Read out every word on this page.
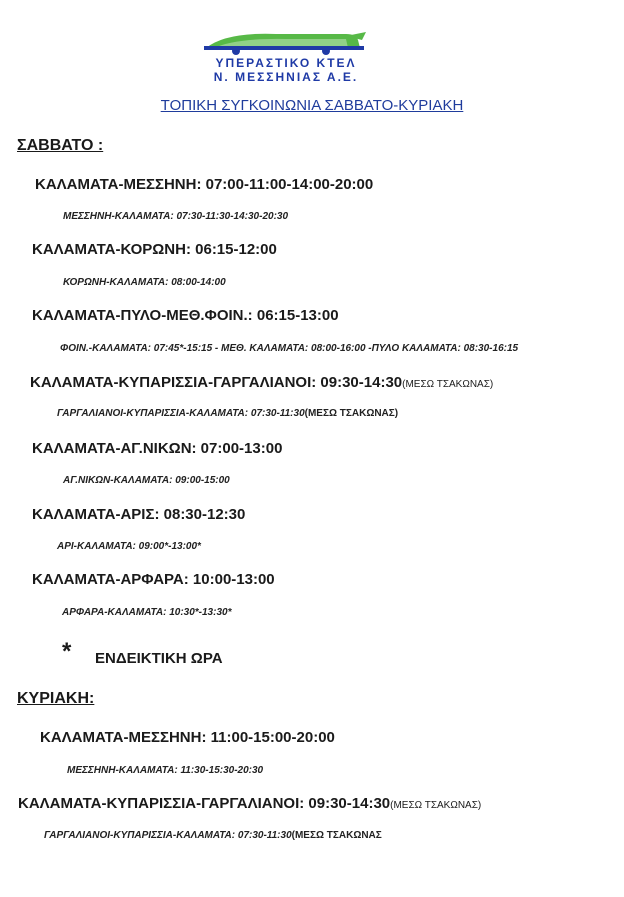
ΥΠΕΡΑΣΤΙΚΟ ΚΤΕΛ
Ν. ΜΕΣΣΗΝΙΑΣ Α.Ε.
ΤΟΠΙΚΗ ΣΥΓΚΟΙΝΩΝΙΑ ΣΑΒΒΑΤΟ-ΚΥΡΙΑΚΗ
ΣΑΒΒΑΤΟ :
ΚΑΛΑΜΑΤΑ-ΜΕΣΣΗΝΗ: 07:00-11:00-14:00-20:00
ΜΕΣΣΗΝΗ-ΚΑΛΑΜΑΤΑ: 07:30-11:30-14:30-20:30
ΚΑΛΑΜΑΤΑ-ΚΟΡΩΝΗ: 06:15-12:00
ΚΟΡΩΝΗ-ΚΑΛΑΜΑΤΑ: 08:00-14:00
ΚΑΛΑΜΑΤΑ-ΠΥΛΟ-ΜΕΘ.ΦΟΙΝ.: 06:15-13:00
ΦΟΙΝ.-ΚΑΛΑΜΑΤΑ: 07:45*-15:15 - ΜΕΘ. ΚΑΛΑΜΑΤΑ: 08:00-16:00 -ΠΥΛΟ ΚΑΛΑΜΑΤΑ: 08:30-16:15
ΚΑΛΑΜΑΤΑ-ΚΥΠΑΡΙΣΣΙΑ-ΓΑΡΓΑΛΙΑΝΟΙ: 09:30-14:30(ΜΕΣΩ ΤΣΑΚΩΝΑΣ)
ΓΑΡΓΑΛΙΑΝΟΙ-ΚΥΠΑΡΙΣΣΙΑ-ΚΑΛΑΜΑΤΑ: 07:30-11:30(ΜΕΣΩ ΤΣΑΚΩΝΑΣ)
ΚΑΛΑΜΑΤΑ-ΑΓ.ΝΙΚΩΝ: 07:00-13:00
ΑΓ.ΝΙΚΩΝ-ΚΑΛΑΜΑΤΑ: 09:00-15:00
ΚΑΛΑΜΑΤΑ-ΑΡΙΣ: 08:30-12:30
ΑΡΙ-ΚΑΛΑΜΑΤΑ: 09:00*-13:00*
ΚΑΛΑΜΑΤΑ-ΑΡΦΑΡΑ: 10:00-13:00
ΑΡΦΑΡΑ-ΚΑΛΑΜΑΤΑ: 10:30*-13:30*
* ΕΝΔΕΙΚΤΙΚΗ ΩΡΑ
ΚΥΡΙΑΚΗ:
ΚΑΛΑΜΑΤΑ-ΜΕΣΣΗΝΗ: 11:00-15:00-20:00
ΜΕΣΣΗΝΗ-ΚΑΛΑΜΑΤΑ: 11:30-15:30-20:30
ΚΑΛΑΜΑΤΑ-ΚΥΠΑΡΙΣΣΙΑ-ΓΑΡΓΑΛΙΑΝΟΙ: 09:30-14:30(ΜΕΣΩ ΤΣΑΚΩΝΑΣ)
ΓΑΡΓΑΛΙΑΝΟΙ-ΚΥΠΑΡΙΣΣΙΑ-ΚΑΛΑΜΑΤΑ: 07:30-11:30(ΜΕΣΩ ΤΣΑΚΩΝΑΣ
